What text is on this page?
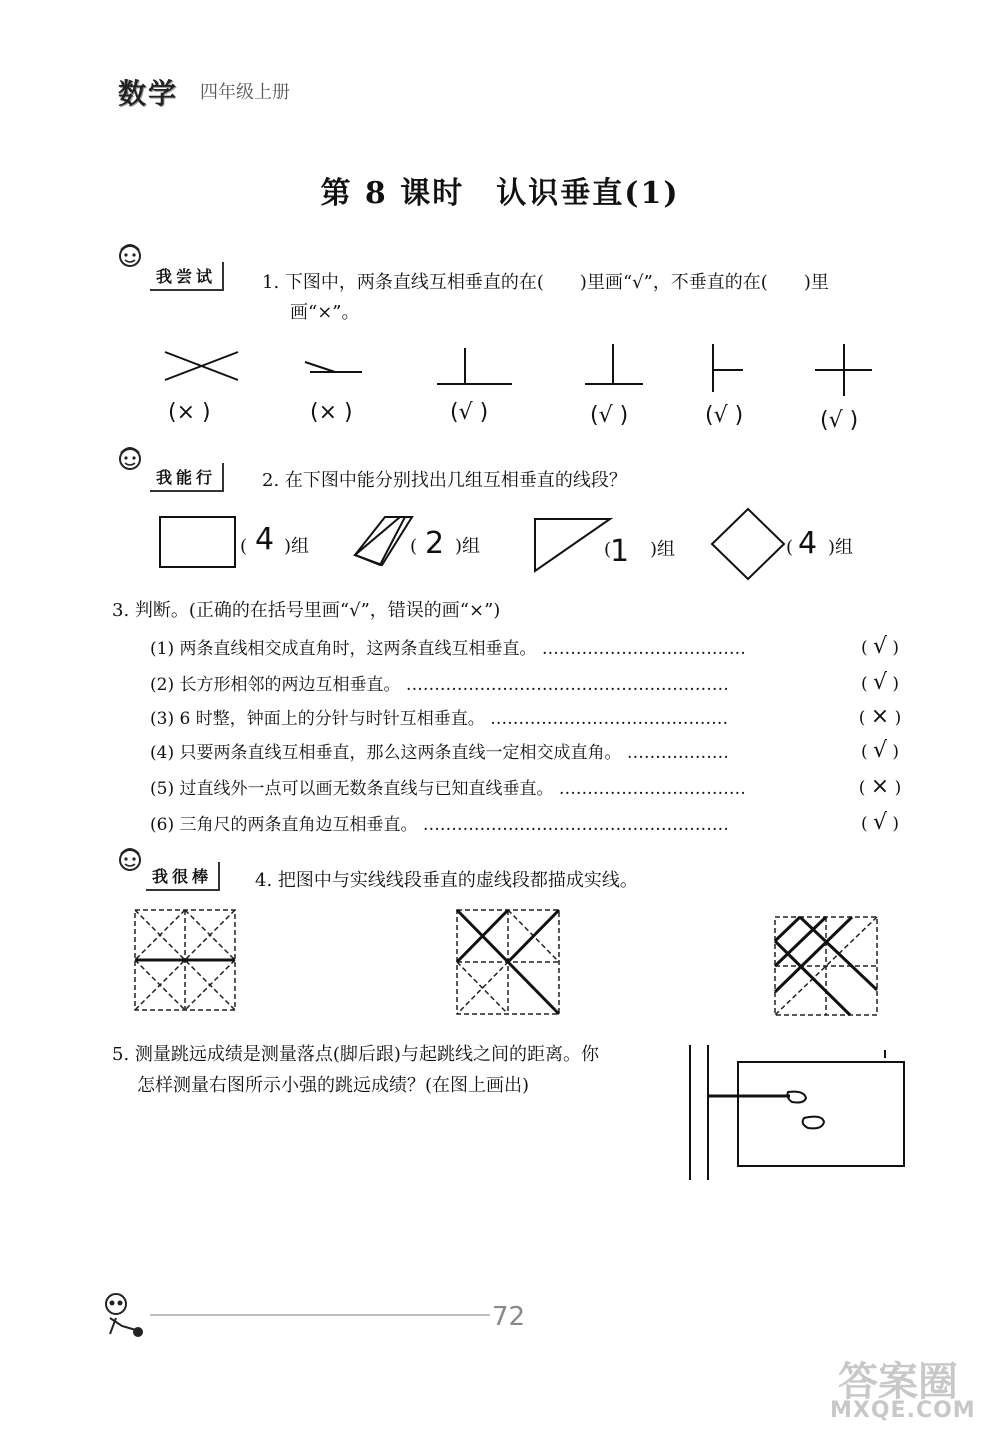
数学 四年级上册
第 8 课时　认识垂直(1)
我尝试	1. 下图中，两条直线互相垂直的在(　　)里画“√”，不垂直的在(　　)里
画“×”。
(× )	(× )	(√ )	(√ )	(√ )	(√ )
我能行	2. 在下图中能分别找出几组互相垂直的线段？
( 4 )组	( 2 )组	(
1 )组	( 4 )组
3. 判断。(正确的在括号里画“√”，错误的画“×”)
(1) 两条直线相交成直角时，这两条直线互相垂直。 ………………………………	( √ )
(2) 长方形相邻的两边互相垂直。 …………………………………………………	( √ )
(3) 6 时整，钟面上的分针与时针互相垂直。 ……………………………………	( × )
(4) 只要两条直线互相垂直，那么这两条直线一定相交成直角。 ………………	( √ )
(5) 过直线外一点可以画无数条直线与已知直线垂直。 ……………………………	( × )
(6) 三角尺的两条直角边互相垂直。 ………………………………………………	( √ )
我很棒	4. 把图中与实线线段垂直的虚线段都描成实线。
5. 测量跳远成绩是测量落点(脚后跟)与起跳线之间的距离。你
怎样测量右图所示小强的跳远成绩？(在图上画出)
72
答案圈
MXQE.COM
